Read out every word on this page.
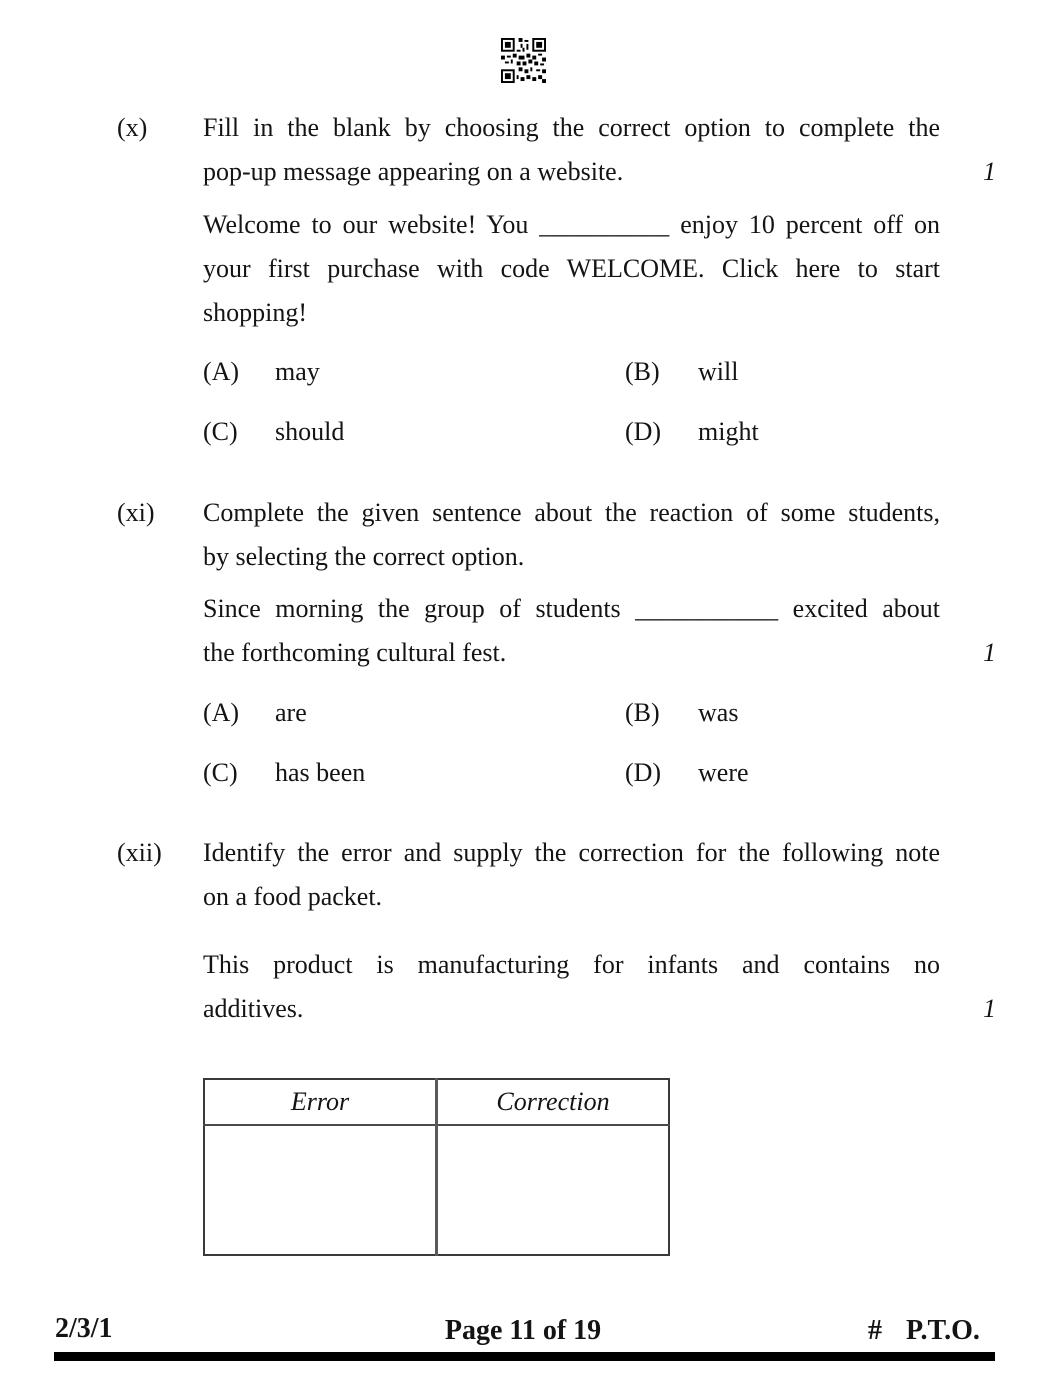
(x)	Fill in the blank by choosing the correct option to complete the
pop-up message appearing on a website.	1
Welcome to our website! You __________ enjoy 10 percent off on
your first purchase with code WELCOME. Click here to start
shopping!
(A) may	(B) will
(C) should	(D) might
(xi)	Complete the given sentence about the reaction of some students,
by selecting the correct option.
Since morning the group of students ___________ excited about
the forthcoming cultural fest.	1
(A) are	(B) was
(C) has been	(D) were
(xii)	Identify the error and supply the correction for the following note
on a food packet.
This product is manufacturing for infants and contains no
additives.	1
Error	Correction

2/3/1	Page 11 of 19	# P.T.O.
